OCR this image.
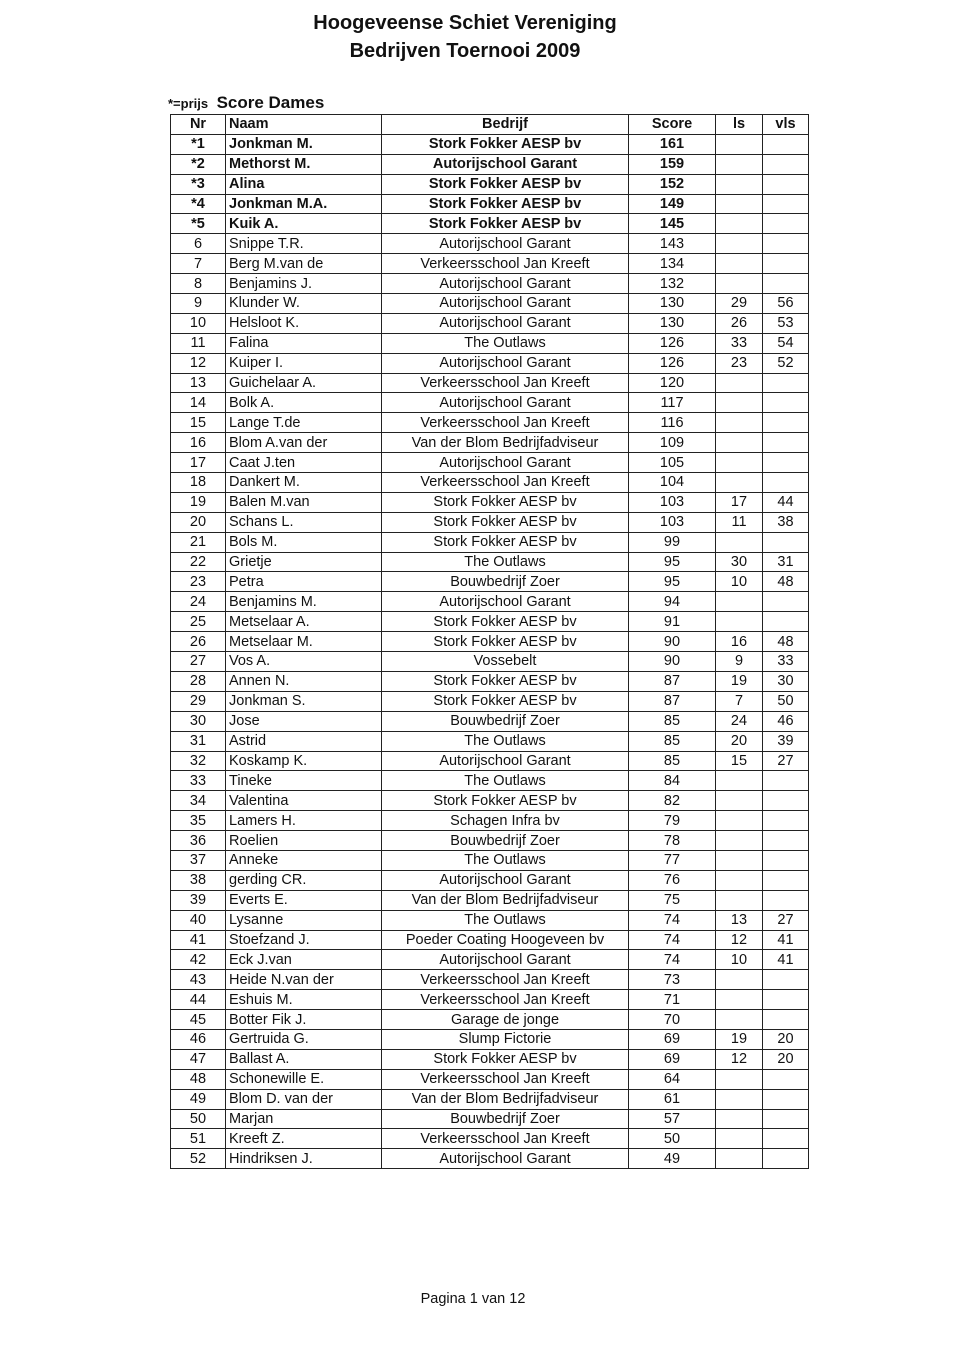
Hoogeveense Schiet Vereniging
Bedrijven Toernooi 2009
*=prijs Score Dames
Nr	Naam	Bedrijf	Score	ls	vls
*1	Jonkman M.	Stork Fokker AESP bv	161		
*2	Methorst M.	Autorijschool Garant	159		
*3	Alina	Stork Fokker AESP bv	152		
*4	Jonkman M.A.	Stork Fokker AESP bv	149		
*5	Kuik A.	Stork Fokker AESP bv	145		
6	Snippe T.R.	Autorijschool Garant	143		
7	Berg M.van de	Verkeersschool Jan Kreeft	134		
8	Benjamins J.	Autorijschool Garant	132		
9	Klunder W.	Autorijschool Garant	130	29	56
10	Helsloot K.	Autorijschool Garant	130	26	53
11	Falina	The Outlaws	126	33	54
12	Kuiper I.	Autorijschool Garant	126	23	52
13	Guichelaar A.	Verkeersschool Jan Kreeft	120		
14	Bolk A.	Autorijschool Garant	117		
15	Lange T.de	Verkeersschool Jan Kreeft	116		
16	Blom A.van der	Van der Blom Bedrijfadviseur	109		
17	Caat J.ten	Autorijschool Garant	105		
18	Dankert M.	Verkeersschool Jan Kreeft	104		
19	Balen M.van	Stork Fokker AESP bv	103	17	44
20	Schans L.	Stork Fokker AESP bv	103	11	38
21	Bols M.	Stork Fokker AESP bv	99		
22	Grietje	The Outlaws	95	30	31
23	Petra	Bouwbedrijf Zoer	95	10	48
24	Benjamins M.	Autorijschool Garant	94		
25	Metselaar A.	Stork Fokker AESP bv	91		
26	Metselaar M.	Stork Fokker AESP bv	90	16	48
27	Vos A.	Vossebelt	90	9	33
28	Annen N.	Stork Fokker AESP bv	87	19	30
29	Jonkman S.	Stork Fokker AESP bv	87	7	50
30	Jose	Bouwbedrijf Zoer	85	24	46
31	Astrid	The Outlaws	85	20	39
32	Koskamp K.	Autorijschool Garant	85	15	27
33	Tineke	The Outlaws	84		
34	Valentina	Stork Fokker AESP bv	82		
35	Lamers H.	Schagen Infra bv	79		
36	Roelien	Bouwbedrijf Zoer	78		
37	Anneke	The Outlaws	77		
38	gerding CR.	Autorijschool Garant	76		
39	Everts E.	Van der Blom Bedrijfadviseur	75		
40	Lysanne	The Outlaws	74	13	27
41	Stoefzand J.	Poeder Coating Hoogeveen bv	74	12	41
42	Eck J.van	Autorijschool Garant	74	10	41
43	Heide N.van der	Verkeersschool Jan Kreeft	73		
44	Eshuis M.	Verkeersschool Jan Kreeft	71		
45	Botter Fik J.	Garage de jonge	70		
46	Gertruida G.	Slump Fictorie	69	19	20
47	Ballast A.	Stork Fokker AESP bv	69	12	20
48	Schonewille E.	Verkeersschool Jan Kreeft	64		
49	Blom D. van der	Van der Blom Bedrijfadviseur	61		
50	Marjan	Bouwbedrijf Zoer	57		
51	Kreeft Z.	Verkeersschool Jan Kreeft	50		
52	Hindriksen J.	Autorijschool Garant	49		
Pagina 1 van 12
